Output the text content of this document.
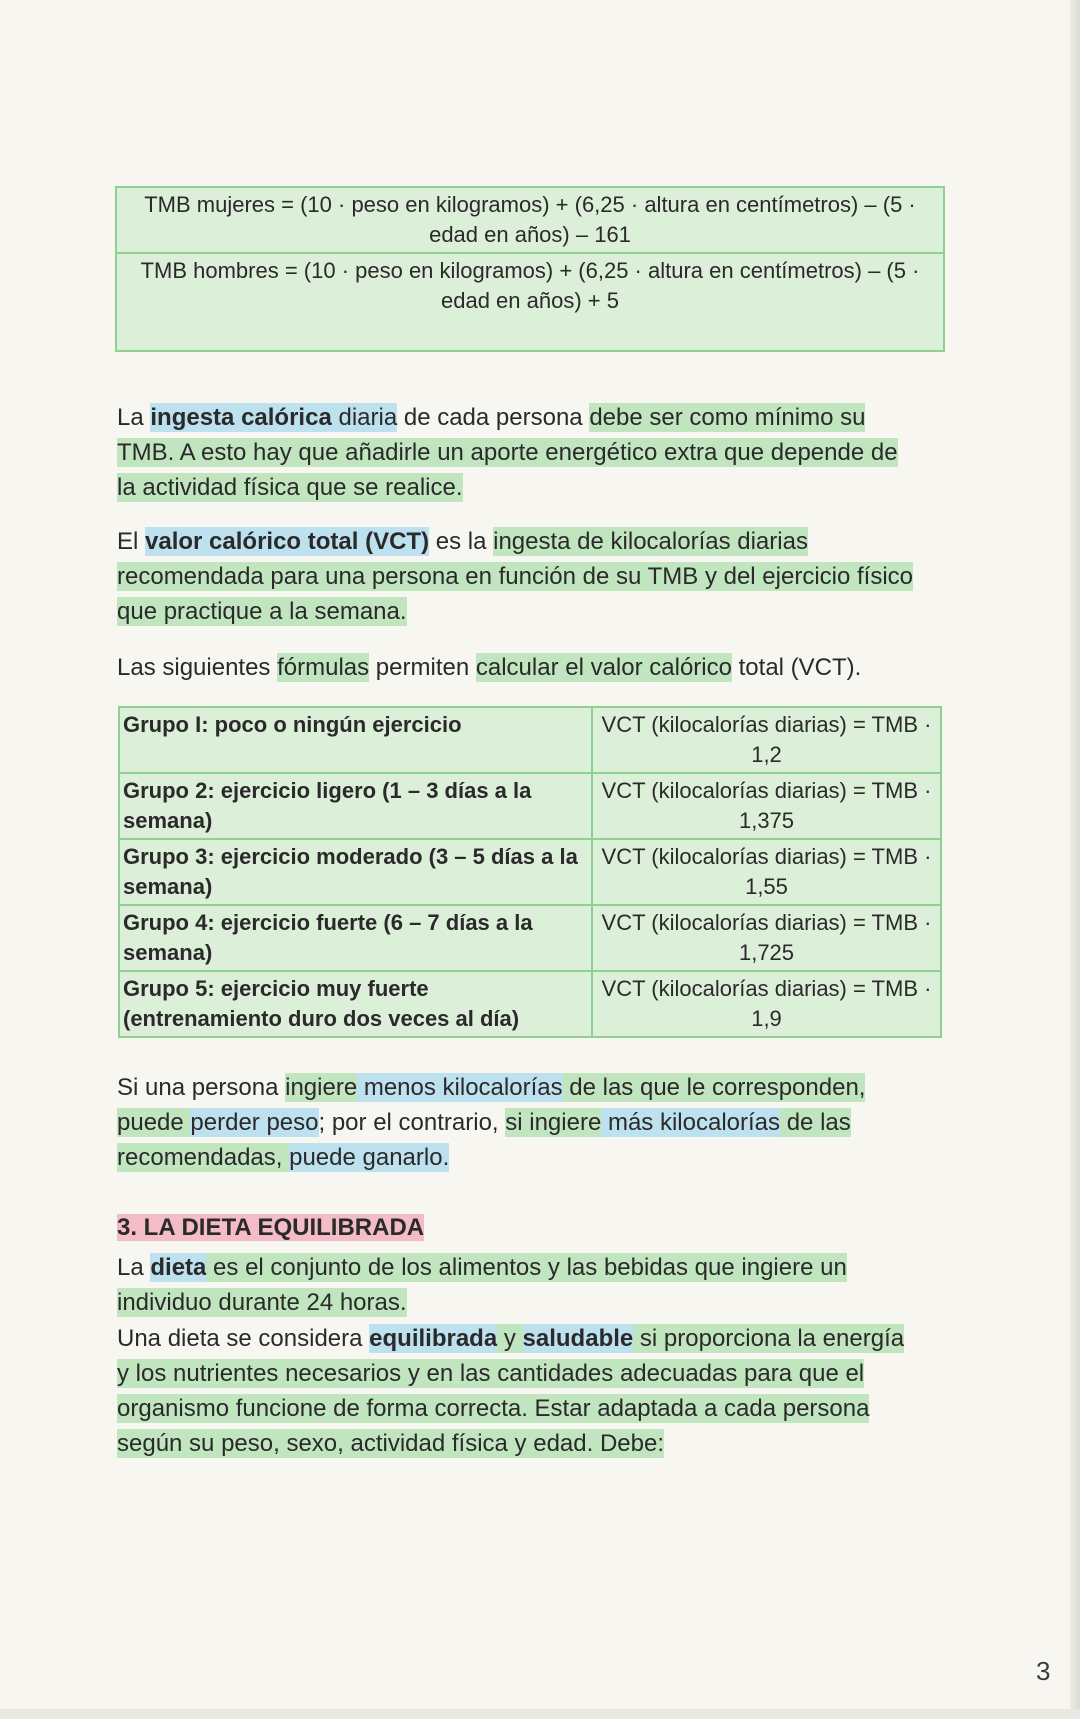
TMB mujeres = (10 · peso en kilogramos) + (6,25 · altura en centímetros) – (5 ·
edad en años) – 161
TMB hombres = (10 · peso en kilogramos) + (6,25 · altura en centímetros) – (5 ·
edad en años) + 5

La ingesta calórica diaria de cada persona debe ser como mínimo su
TMB. A esto hay que añadirle un aporte energético extra que depende de
la actividad física que se realice.

El valor calórico total (VCT) es la ingesta de kilocalorías diarias
recomendada para una persona en función de su TMB y del ejercicio físico
que practique a la semana.

Las siguientes fórmulas permiten calcular el valor calórico total (VCT).

Grupo I: poco o ningún ejercicio	VCT (kilocalorías diarias) = TMB ·
1,2

Grupo 2: ejercicio ligero (1 – 3 días a la semana)	VCT (kilocalorías diarias) = TMB ·
1,375

Grupo 3: ejercicio moderado (3 – 5 días a la semana)	VCT (kilocalorías diarias) = TMB ·
1,55

Grupo 4: ejercicio fuerte (6 – 7 días a la semana)	VCT (kilocalorías diarias) = TMB ·
1,725

Grupo 5: ejercicio muy fuerte (entrenamiento duro dos veces al día)	VCT (kilocalorías diarias) = TMB ·
1,9

Si una persona ingiere menos kilocalorías de las que le corresponden,
puede perder peso; por el contrario, si ingiere más kilocalorías de las
recomendadas, puede ganarlo.

3. LA DIETA EQUILIBRADA

La dieta es el conjunto de los alimentos y las bebidas que ingiere un
individuo durante 24 horas.

Una dieta se considera equilibrada y saludable si proporciona la energía
y los nutrientes necesarios y en las cantidades adecuadas para que el
organismo funcione de forma correcta. Estar adaptada a cada persona
según su peso, sexo, actividad física y edad. Debe:

3
